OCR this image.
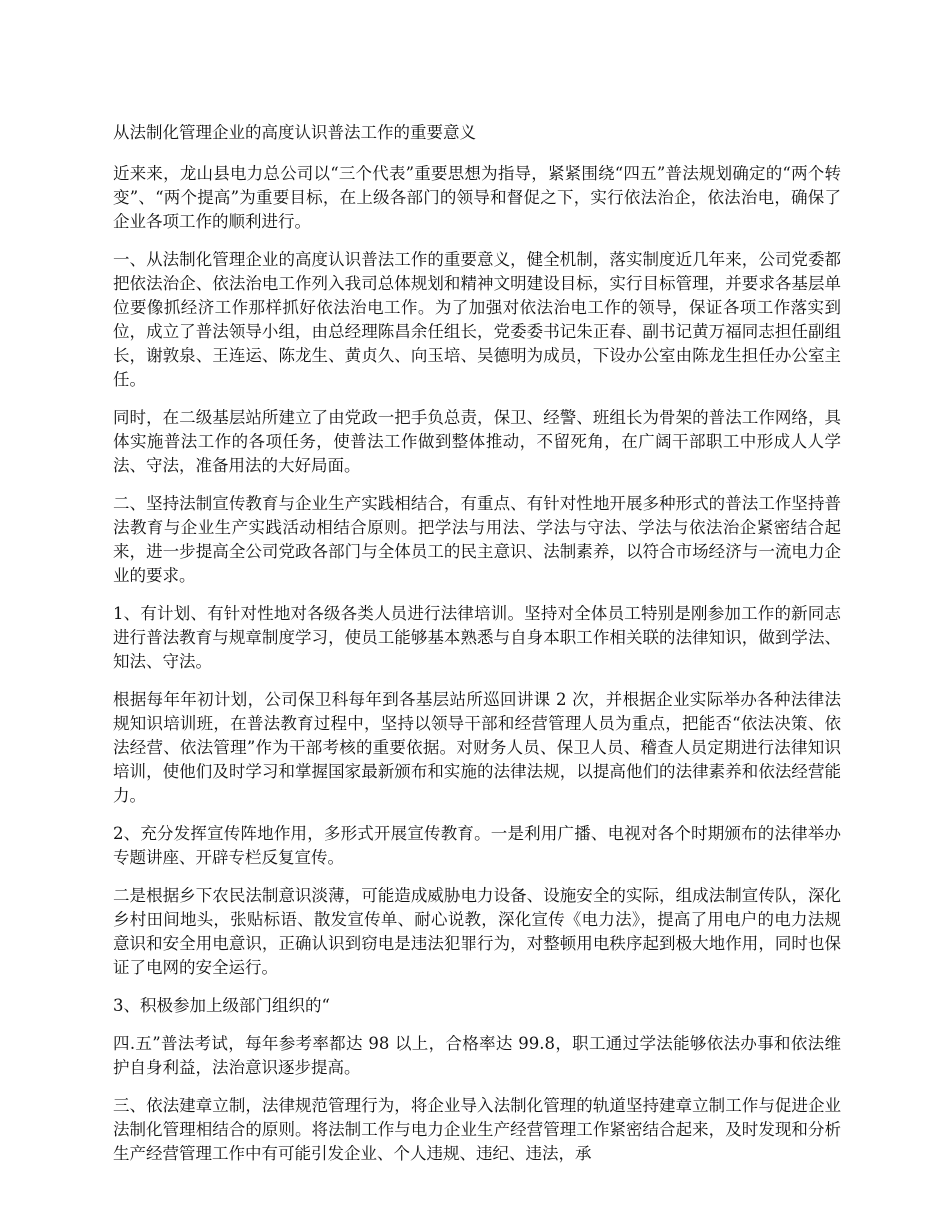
从法制化管理企业的高度认识普法工作的重要意义

近来来，龙山县电力总公司以“三个代表”重要思想为指导，紧紧围绕“四五”普法规划确定的“两个转变”、“两个提高”为重要目标，在上级各部门的领导和督促之下，实行依法治企，依法治电，确保了企业各项工作的顺利进行。

一、从法制化管理企业的高度认识普法工作的重要意义，健全机制，落实制度近几年来，公司党委都把依法治企、依法治电工作列入我司总体规划和精神文明建设目标，实行目标管理，并要求各基层单位要像抓经济工作那样抓好依法治电工作。为了加强对依法治电工作的领导，保证各项工作落实到位，成立了普法领导小组，由总经理陈昌余任组长，党委委书记朱正春、副书记黄万福同志担任副组长，谢敦泉、王连运、陈龙生、黄贞久、向玉培、吴德明为成员，下设办公室由陈龙生担任办公室主任。

同时，在二级基层站所建立了由党政一把手负总责，保卫、经警、班组长为骨架的普法工作网络，具体实施普法工作的各项任务，使普法工作做到整体推动，不留死角，在广阔干部职工中形成人人学法、守法，准备用法的大好局面。

二、坚持法制宣传教育与企业生产实践相结合，有重点、有针对性地开展多种形式的普法工作坚持普法教育与企业生产实践活动相结合原则。把学法与用法、学法与守法、学法与依法治企紧密结合起来，进一步提高全公司党政各部门与全体员工的民主意识、法制素养，以符合市场经济与一流电力企业的要求。

1、有计划、有针对性地对各级各类人员进行法律培训。坚持对全体员工特别是刚参加工作的新同志进行普法教育与规章制度学习，使员工能够基本熟悉与自身本职工作相关联的法律知识，做到学法、知法、守法。

根据每年年初计划，公司保卫科每年到各基层站所巡回讲课 2 次，并根据企业实际举办各种法律法规知识培训班，在普法教育过程中，坚持以领导干部和经营管理人员为重点，把能否“依法决策、依法经营、依法管理”作为干部考核的重要依据。对财务人员、保卫人员、稽查人员定期进行法律知识培训，使他们及时学习和掌握国家最新颁布和实施的法律法规，以提高他们的法律素养和依法经营能力。

2、充分发挥宣传阵地作用，多形式开展宣传教育。一是利用广播、电视对各个时期颁布的法律举办专题讲座、开辟专栏反复宣传。

二是根据乡下农民法制意识淡薄，可能造成威胁电力设备、设施安全的实际，组成法制宣传队，深化乡村田间地头，张贴标语、散发宣传单、耐心说教，深化宣传《电力法》，提高了用电户的电力法规意识和安全用电意识，正确认识到窃电是违法犯罪行为，对整顿用电秩序起到极大地作用，同时也保证了电网的安全运行。

3、积极参加上级部门组织的“

四.五”普法考试，每年参考率都达 98 以上，合格率达 99.8，职工通过学法能够依法办事和依法维护自身利益，法治意识逐步提高。

三、依法建章立制，法律规范管理行为，将企业导入法制化管理的轨道坚持建章立制工作与促进企业法制化管理相结合的原则。将法制工作与电力企业生产经营管理工作紧密结合起来，及时发现和分析生产经营管理工作中有可能引发企业、个人违规、违纪、违法，承
